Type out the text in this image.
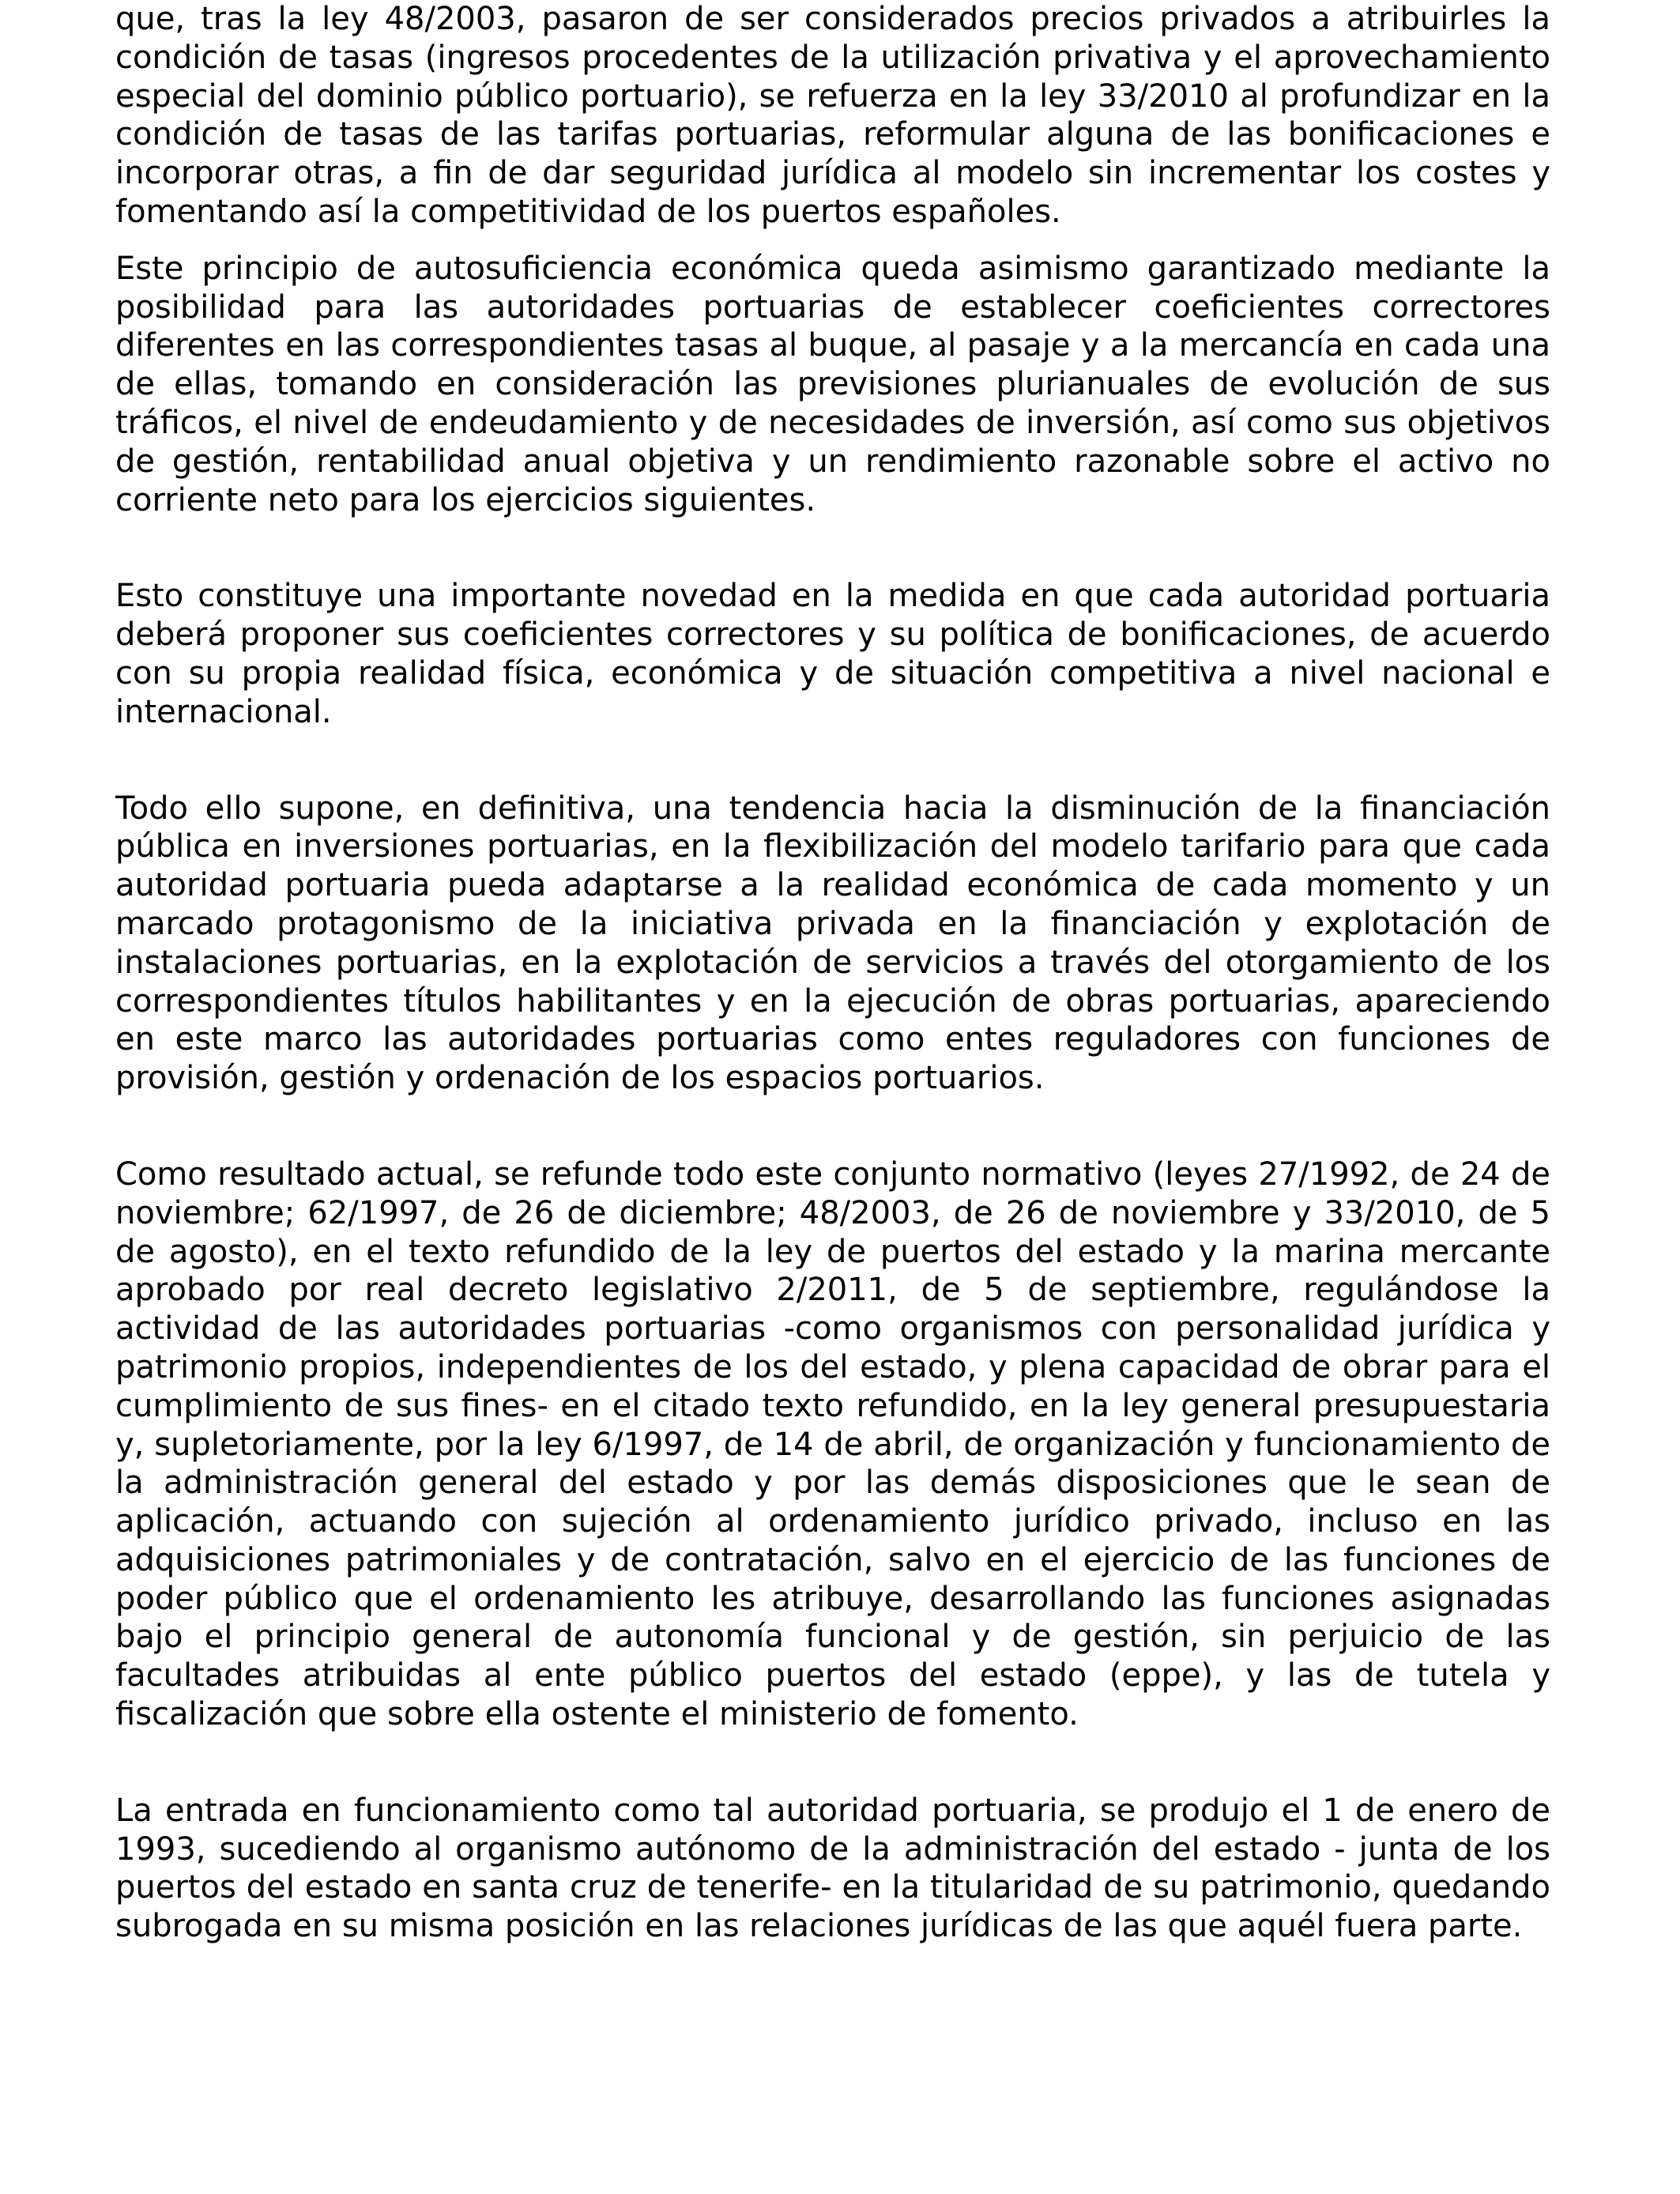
que, tras la ley 48/2003, pasaron de ser considerados precios privados a atribuirles la condición de tasas (ingresos procedentes de la utilización privativa y el aprovechamiento especial del dominio público portuario), se refuerza en la ley 33/2010 al profundizar en la condición de tasas de las tarifas portuarias, reformular alguna de las bonificaciones e incorporar otras, a fin de dar seguridad jurídica al modelo sin incrementar los costes y fomentando así la competitividad de los puertos españoles.

Este principio de autosuficiencia económica queda asimismo garantizado mediante la posibilidad para las autoridades portuarias de establecer coeficientes correctores diferentes en las correspondientes tasas al buque, al pasaje y a la mercancía en cada una de ellas, tomando en consideración las previsiones plurianuales de evolución de sus tráficos, el nivel de endeudamiento y de necesidades de inversión, así como sus objetivos de gestión, rentabilidad anual objetiva y un rendimiento razonable sobre el activo no corriente neto para los ejercicios siguientes.

Esto constituye una importante novedad en la medida en que cada autoridad portuaria deberá proponer sus coeficientes correctores y su política de bonificaciones, de acuerdo con su propia realidad física, económica y de situación competitiva a nivel nacional e internacional.

Todo ello supone, en definitiva, una tendencia hacia la disminución de la financiación pública en inversiones portuarias, en la flexibilización del modelo tarifario para que cada autoridad portuaria pueda adaptarse a la realidad económica de cada momento y un marcado protagonismo de la iniciativa privada en la financiación y explotación de instalaciones portuarias, en la explotación de servicios a través del otorgamiento de los correspondientes títulos habilitantes y en la ejecución de obras portuarias, apareciendo en este marco las autoridades portuarias como entes reguladores con funciones de provisión, gestión y ordenación de los espacios portuarios.

Como resultado actual, se refunde todo este conjunto normativo (leyes 27/1992, de 24 de noviembre; 62/1997, de 26 de diciembre; 48/2003, de 26 de noviembre y 33/2010, de 5 de agosto), en el texto refundido de la ley de puertos del estado y la marina mercante aprobado por real decreto legislativo 2/2011, de 5 de septiembre, regulándose la actividad de las autoridades portuarias -como organismos con personalidad jurídica y patrimonio propios, independientes de los del estado, y plena capacidad de obrar para el cumplimiento de sus fines- en el citado texto refundido, en la ley general presupuestaria y, supletoriamente, por la ley 6/1997, de 14 de abril, de organización y funcionamiento de la administración general del estado y por las demás disposiciones que le sean de aplicación, actuando con sujeción al ordenamiento jurídico privado, incluso en las adquisiciones patrimoniales y de contratación, salvo en el ejercicio de las funciones de poder público que el ordenamiento les atribuye, desarrollando las funciones asignadas bajo el principio general de autonomía funcional y de gestión, sin perjuicio de las facultades atribuidas al ente público puertos del estado (eppe), y las de tutela y fiscalización que sobre ella ostente el ministerio de fomento.

La entrada en funcionamiento como tal autoridad portuaria, se produjo el 1 de enero de 1993, sucediendo al organismo autónomo de la administración del estado - junta de los puertos del estado en santa cruz de tenerife- en la titularidad de su patrimonio, quedando subrogada en su misma posición en las relaciones jurídicas de las que aquél fuera parte.
